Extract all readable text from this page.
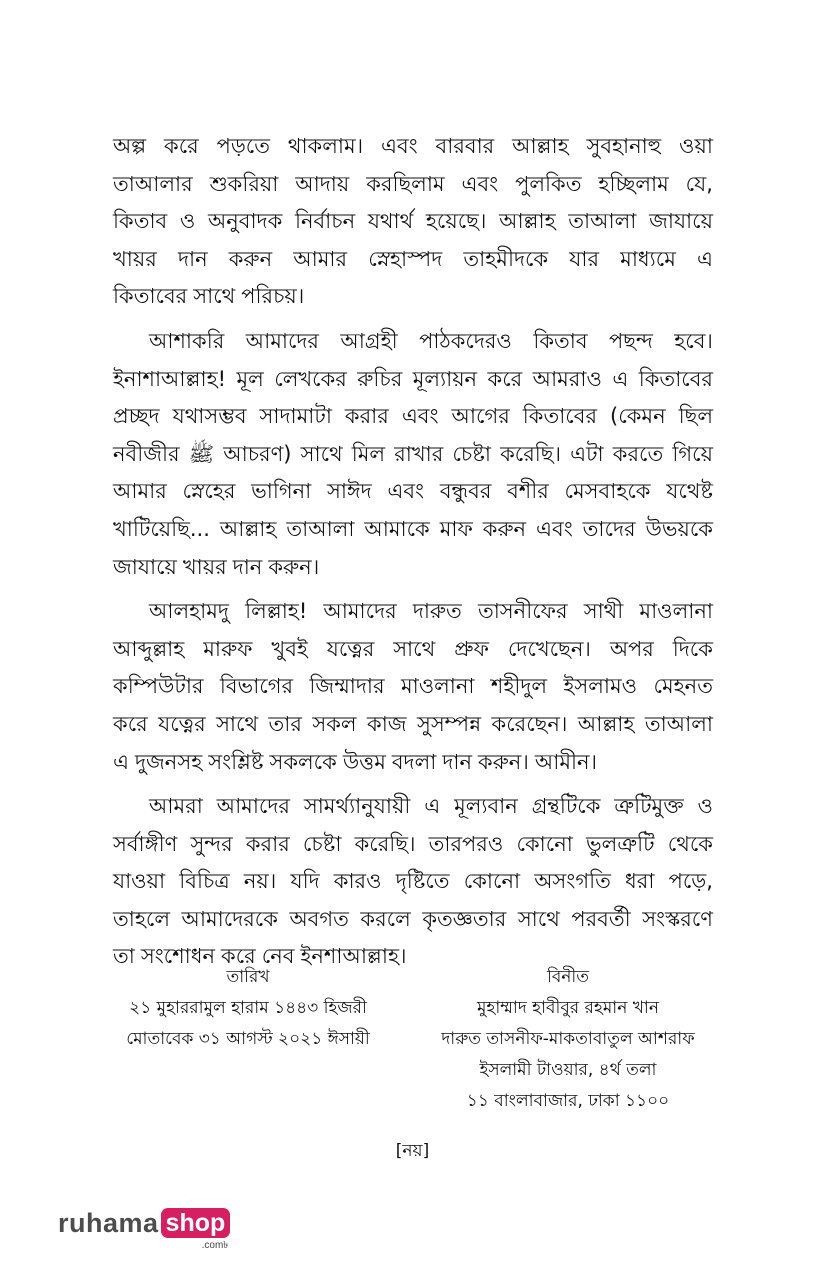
অল্প করে পড়তে থাকলাম। এবং বারবার আল্লাহ সুবহানাহু ওয়া
তাআলার শুকরিয়া আদায় করছিলাম এবং পুলকিত হচ্ছিলাম যে,
কিতাব ও অনুবাদক নির্বাচন যথার্থ হয়েছে। আল্লাহ তাআলা জাযায়ে
খায়র দান করুন আমার স্নেহাস্পদ তাহমীদকে যার মাধ্যমে এ
কিতাবের সাথে পরিচয়।
আশাকরি আমাদের আগ্রহী পাঠকদেরও কিতাব পছন্দ হবে।
ইনাশাআল্লাহ! মূল লেখকের রুচির মূল্যায়ন করে আমরাও এ কিতাবের
প্রচ্ছদ যথাসম্ভব সাদামাটা করার এবং আগের কিতাবের (কেমন ছিল
নবীজীর ﷺ আচরণ) সাথে মিল রাখার চেষ্টা করেছি। এটা করতে গিয়ে
আমার স্নেহের ভাগিনা সাঈদ এবং বন্ধুবর বশীর মেসবাহকে যথেষ্ট
খাটিয়েছি... আল্লাহ তাআলা আমাকে মাফ করুন এবং তাদের উভয়কে
জাযায়ে খায়র দান করুন।
আলহামদু লিল্লাহ! আমাদের দারুত তাসনীফের সাথী মাওলানা
আব্দুল্লাহ মারুফ খুবই যত্নের সাথে প্রুফ দেখেছেন। অপর দিকে
কম্পিউটার বিভাগের জিম্মাদার মাওলানা শহীদুল ইসলামও মেহনত
করে যত্নের সাথে তার সকল কাজ সুসম্পন্ন করেছেন। আল্লাহ তাআলা
এ দুজনসহ সংশ্লিষ্ট সকলকে উত্তম বদলা দান করুন। আমীন।
আমরা আমাদের সামর্থ্যানুযায়ী এ মূল্যবান গ্রন্থটিকে ত্রুটিমুক্ত ও
সর্বাঙ্গীণ সুন্দর করার চেষ্টা করেছি। তারপরও কোনো ভুলত্রুটি থেকে
যাওয়া বিচিত্র নয়। যদি কারও দৃষ্টিতে কোনো অসংগতি ধরা পড়ে,
তাহলে আমাদেরকে অবগত করলে কৃতজ্ঞতার সাথে পরবর্তী সংস্করণে
তা সংশোধন করে নেব ইনশাআল্লাহ।
তারিখ
২১ মুহাররামুল হারাম ১৪৪৩ হিজরী
মোতাবেক ৩১ আগস্ট ২০২১ ঈসায়ী
বিনীত
মুহাম্মাদ হাবীবুর রহমান খান
দারুত তাসনীফ-মাকতাবাতুল আশরাফ
ইসলামী টাওয়ার, ৪র্থ তলা
১১ বাংলাবাজার, ঢাকা ১১০০
[নয়]
ruhama shop
.com৳
